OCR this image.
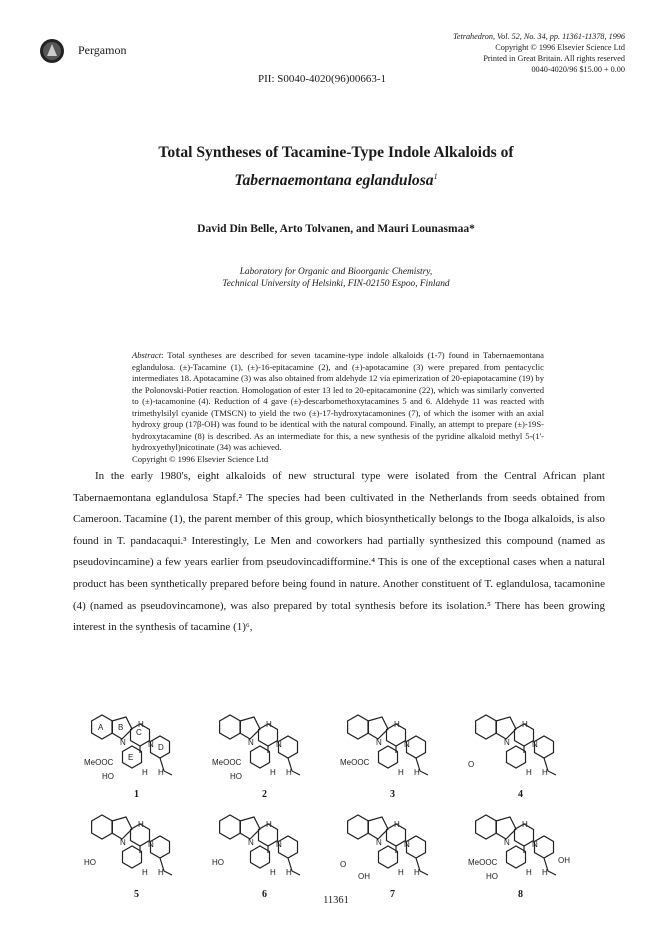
Pergamon
Tetrahedron, Vol. 52, No. 34, pp. 11361-11378, 1996
Copyright © 1996 Elsevier Science Ltd
Printed in Great Britain. All rights reserved
0040-4020/96 $15.00 + 0.00
PII: S0040-4020(96)00663-1
Total Syntheses of Tacamine-Type Indole Alkaloids of
Tabernaemontana eglandulosa$^1$
David Din Belle, Arto Tolvanen, and Mauri Lounasmaa*
Laboratory for Organic and Bioorganic Chemistry,
Technical University of Helsinki, FIN-02150 Espoo, Finland
Abstract: Total syntheses are described for seven tacamine-type indole alkaloids (1-7) found in Tabernaemontana eglandulosa. (±)-Tacamine (1), (±)-16-epitacamine (2), and (±)-apotacamine (3) were prepared from pentacyclic intermediates 18. Apotacamine (3) was also obtained from aldehyde 12 via epimerization of 20-epiapotacamine (19) by the Polonovski-Potier reaction. Homologation of ester 13 led to 20-epitacamonine (22), which was similarly converted to (±)-tacamonine (4). Reduction of 4 gave (±)-descarbomethoxytacamines 5 and 6. Aldehyde 11 was reacted with trimethylsilyl cyanide (TMSCN) to yield the two (±)-17-hydroxytacamonines (7), of which the isomer with an axial hydroxy group (17β-OH) was found to be identical with the natural compound. Finally, an attempt to prepare (±)-19S-hydroxytacamine (8) is described. As an intermediate for this, a new synthesis of the pyridine alkaloid methyl 5-(1'-hydroxyethyl)nicotinate (34) was achieved.
Copyright © 1996 Elsevier Science Ltd

In the early 1980's, eight alkaloids of new structural type were isolated from the Central African plant Tabernaemontana eglandulosa Stapf.² The species had been cultivated in the Netherlands from seeds obtained from Cameroon. Tacamine (1), the parent member of this group, which biosynthetically belongs to the Iboga alkaloids, is also found in T. pandacaqui.³ Interestingly, Le Men and coworkers had partially synthesized this compound (named as pseudovincamine) a few years earlier from pseudovincadifformine.⁴ This is one of the exceptional cases when a natural product has been synthetically prepared before being found in nature. Another constituent of T. eglandulosa, tacamonine (4) (named as pseudovincamone), was also prepared by total synthesis before its isolation.⁵ There has been growing interest in the synthesis of tacamine (1)⁶,

N	N
H
H H
MeOOC
HO
A B
C
D
E
1
N	N
H
H H
MeOOC
HO
2
N	N
H
H H
MeOOC
3
N	N
H
H H
O
4
N	N
H
H H
HO
5
N	N
H
H H
HO
6
N	N
H
H H
O
OH
7
N	N
H
H H
MeOOC
HO
OH
8
11361
